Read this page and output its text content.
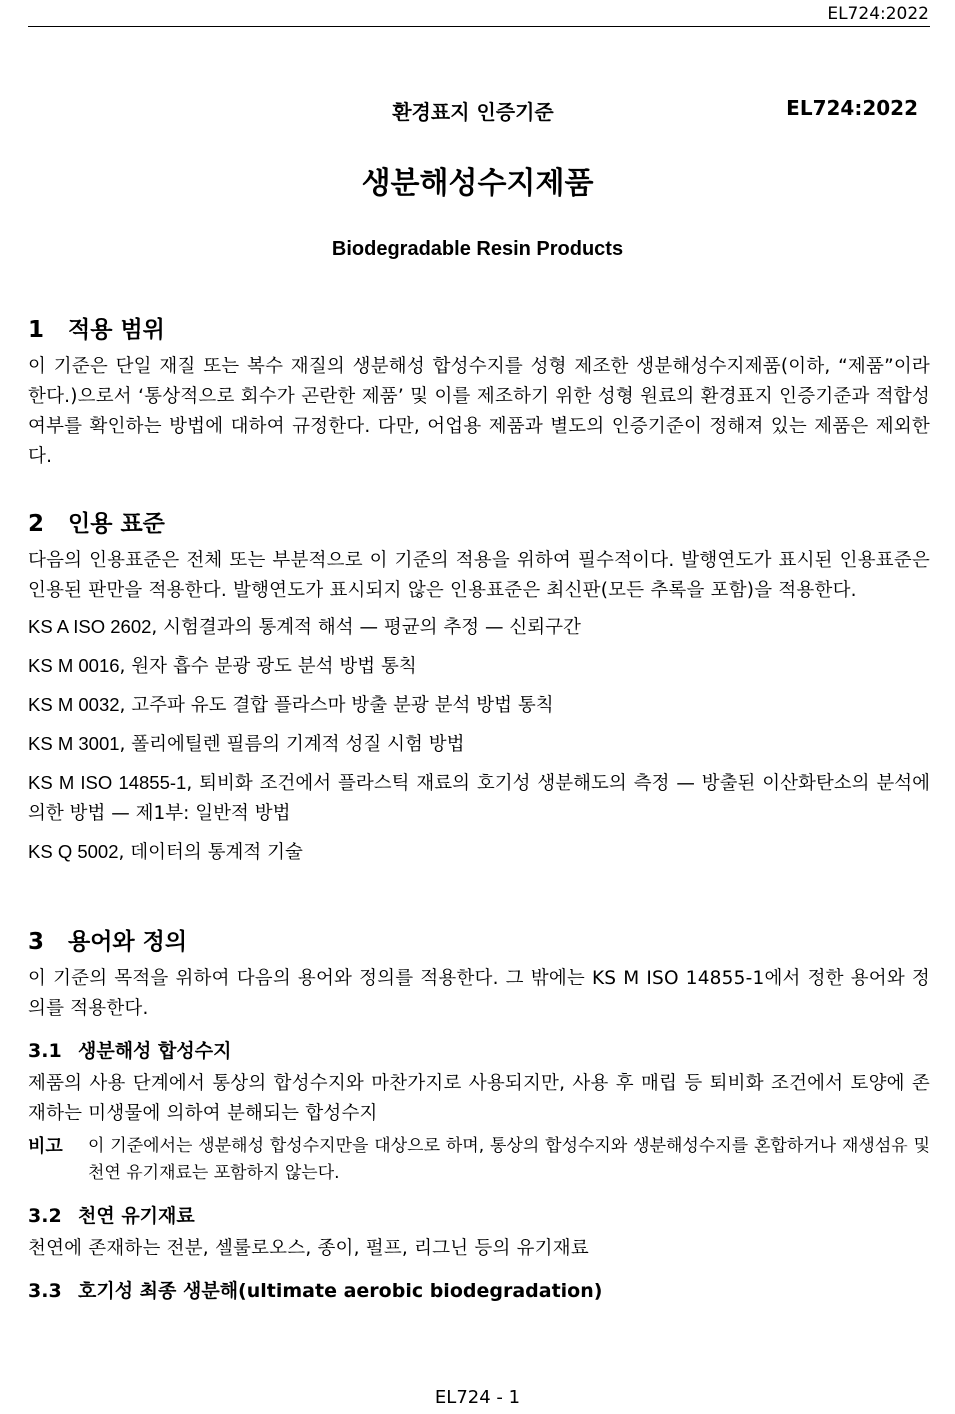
EL724:2022
환경표지 인증기준	EL724:2022
생분해성수지제품
Biodegradable Resin Products
1 적용 범위

이 기준은 단일 재질 또는 복수 재질의 생분해성 합성수지를 성형 제조한 생분해성수지제품(이하, “제품”이라 한다.)으로서 ‘통상적으로 회수가 곤란한 제품’ 및 이를 제조하기 위한 성형 원료의 환경표지 인증기준과 적합성 여부를 확인하는 방법에 대하여 규정한다. 다만, 어업용 제품과 별도의 인증기준이 정해져 있는 제품은 제외한다.

2 인용 표준

다음의 인용표준은 전체 또는 부분적으로 이 기준의 적용을 위하여 필수적이다. 발행연도가 표시된 인용표준은 인용된 판만을 적용한다. 발행연도가 표시되지 않은 인용표준은 최신판(모든 추록을 포함)을 적용한다.

KS A ISO 2602, 시험결과의 통계적 해석 — 평균의 추정 — 신뢰구간

KS M 0016, 원자 흡수 분광 광도 분석 방법 통칙

KS M 0032, 고주파 유도 결합 플라스마 방출 분광 분석 방법 통칙

KS M 3001, 폴리에틸렌 필름의 기계적 성질 시험 방법

KS M ISO 14855-1, 퇴비화 조건에서 플라스틱 재료의 호기성 생분해도의 측정 — 방출된 이산화탄소의 분석에 의한 방법 — 제1부: 일반적 방법

KS Q 5002, 데이터의 통계적 기술

3 용어와 정의

이 기준의 목적을 위하여 다음의 용어와 정의를 적용한다. 그 밖에는 KS M ISO 14855-1에서 정한 용어와 정의를 적용한다.

3.1 생분해성 합성수지

제품의 사용 단계에서 통상의 합성수지와 마찬가지로 사용되지만, 사용 후 매립 등 퇴비화 조건에서 토양에 존재하는 미생물에 의하여 분해되는 합성수지

비고 이 기준에서는 생분해성 합성수지만을 대상으로 하며, 통상의 합성수지와 생분해성수지를 혼합하거나 재생섬유 및 천연 유기재료는 포함하지 않는다.
3.2 천연 유기재료

천연에 존재하는 전분, 셀룰로오스, 종이, 펄프, 리그닌 등의 유기재료

3.3 호기성 최종 생분해(ultimate aerobic biodegradation)
EL724 - 1
